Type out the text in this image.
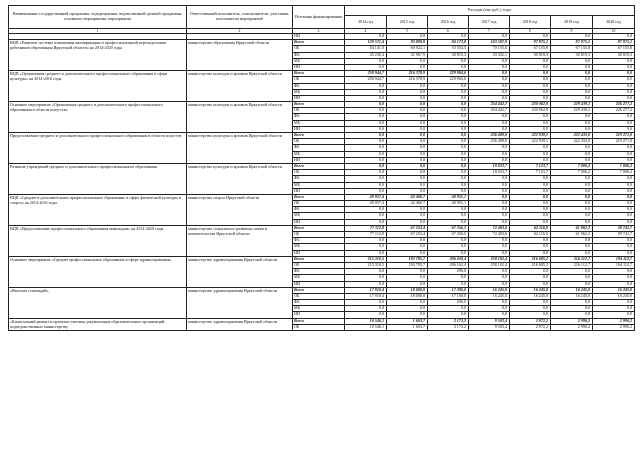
Наименование государственной программы, подпрограммы, ведомственной целевой программы, основного мероприятия, мероприятия	Ответственный исполнитель, соисполнители, участники, исполнители мероприятий	Источник финансирования	Расходы (тыс.руб.), годы						
			2014 год	2015 год	2016 год	2017 год	2018 год	2019 год	2020 год
1	2	3	4	5	6	7	8	9	10
		ИИ	0,0	0,0	0,0	0,0	0,0	0,0	0,0
ВЦП «Развитие системы повышения квалификации и профессиональной переподготовки работников образования Иркутской области» на 2014-2020 годы	министерство образования Иркутской области	Всего	129 571,4	92 890,0	84 173,8	103 507,9	97 975,1	97 975,1	97 975,1
		ОБ	84 141,0	60 922,1	53 354,5	70 155,8	67 155,8	67 155,8	67 155,8
		ФБ	45 230,4	31 967,9	30 819,3	33 352,1	30 819,3	30 819,3	30 819,3
		МБ	0,0	0,0	0,0	0,0	0,0	0,0	0,0
		ИИ	0,0	0,0	0,0	0,0	0,0	0,0	0,0
ВЦП «Организация среднего и дополнительного профессионального образования в сфере культуры» на 2014-2016 годы	министерство культуры и архивов Иркутской области	Всего	250 944,7	216 378,9	229 904,6	0,0	0,0	0,0	0,0
		ОБ	250 944,7	216 378,9	229 904,6	0,0	0,0	0,0	0,0
		ФБ	0,0	0,0	0,0	0,0	0,0	0,0	0,0
		МБ	0,0	0,0	0,0	0,0	0,0	0,0	0,0
		ИИ	0,0	0,0	0,0	0,0	0,0	0,0	0,0
Основное мероприятие «Организация среднего и дополнительного профессионального образования в области искусств»	министерство культуры и архивов Иркутской области	Всего	0,0	0,0	0,0	254 442,7	230 062,8	229 439,2	226 277,2
		ОБ	0,0	0,0	0,0	254 442,7	230 062,8	229 439,2	226 277,2
		ФБ	0,0	0,0	0,0	0,0	0,0	0,0	0,0
		МБ	0,0	0,0	0,0	0,0	0,0	0,0	0,0
		ИИ	0,0	0,0	0,0	0,0	0,0	0,0	0,0
Предоставление среднего и дополнительного профессионального образования в области искусств	министерство культуры и архивов Иркутской области	Всего	0,0	0,0	0,0	236 409,0	222 939,1	222 433,0	219 271,0
		ОБ	0,0	0,0	0,0	236 409,0	222 939,1	222 433,0	219 271,0
		ФБ	0,0	0,0	0,0	0,0	0,0	0,0	0,0
		МБ	0,0	0,0	0,0	0,0	0,0	0,0	0,0
		ИИ	0,0	0,0	0,0	0,0	0,0	0,0	0,0
Развитие учреждений среднего и дополнительного профессионального образования	министерство культуры и архивов Иркутской области	Всего	0,0	0,0	0,0	18 033,7	7 123,7	7 006,2	7 006,2
		ОБ	0,0	0,0	0,0	18 033,7	7 123,7	7 006,2	7 006,2
		ФБ	0,0	0,0	0,0	0,0	0,0	0,0	0,0
		МБ	0,0	0,0	0,0	0,0	0,0	0,0	0,0
		ИИ	0,0	0,0	0,0	0,0	0,0	0,0	0,0
ВЦП «Среднее и дополнительное профессиональное образование в сфере физической культуры и спорта» на 2014-2016 годы	министерство спорта Иркутской области	Всего	49 957,4	42 460,7	40 951,1	0,0	0,0	0,0	0,0
		ОБ	49 957,4	42 460,7	40 951,1	0,0	0,0	0,0	0,0
		ФБ	0,0	0,0	0,0	0,0	0,0	0,0	0,0
		МБ	0,0	0,0	0,0	0,0	0,0	0,0	0,0
		ИИ	0,0	0,0	0,0	0,0	0,0	0,0	0,0
ВЦП «Предоставление профессионального образования инвалидам» на 2014-2020 годы	министерство социального развития, опеки и попечительства Иркутской области	Всего	77 112,8	67 253,4	67 356,5	72 403,6	62 116,0	61 962,2	59 741,7
		ОБ	77 112,8	67 253,4	67 356,5	72 403,6	62 116,0	61 962,2	59 741,7
		ФБ	0,0	0,0	0,0	0,0	0,0	0,0	0,0
		МБ	0,0	0,0	0,0	0,0	0,0	0,0	0,0
		ИИ	0,0	0,0	0,0	0,0	0,0	0,0	0,0
Основное мероприятие «Среднее профессиональное образование в сфере здравоохранения»	министерство здравоохранения Иркутской области	Всего	215 310,5	192 795,7	206 458,4	258 102,4	216 685,2	216 112,7	194 112,7
		ОБ	215 310,5	192 795,7	206 162,4	258 102,4	216 685,2	216 112,7	194 112,7
		ФБ	0,0	0,0	296,0	0,0	0,0	0,0	0,0
		МБ	0,0	0,0	0,0	0,0	0,0	0,0	0,0
		ИИ	0,0	0,0	0,0	0,0	0,0	0,0	0,0
«Выплата стипендий»	министерство здравоохранения Иркутской области	Всего	17 910,4	18 000,0	17 396,0	16 245,0	16 245,0	16 245,0	16 245,0
		ОБ	17 910,4	18 000,0	17 100,0	16 245,0	16 245,0	16 245,0	16 245,0
		ФБ	0,0	0,0	296,0	0,0	0,0	0,0	0,0
		МБ	0,0	0,0	0,0	0,0	0,0	0,0	0,0
		ИИ	0,0	0,0	0,0	0,0	0,0	0,0	0,0
«Капитальный ремонт и проектно-сметная документация образовательных организаций, подведомственных министерству	министерство здравоохранения Иркутской области	Всего	10 546,1	1 603,7	3 173,2	9 503,4	2 972,2	2 990,2	2 990,2
		ОБ	10 546,1	1 603,7	3 173,2	9 503,4	2 972,2	2 990,2	2 990,2
